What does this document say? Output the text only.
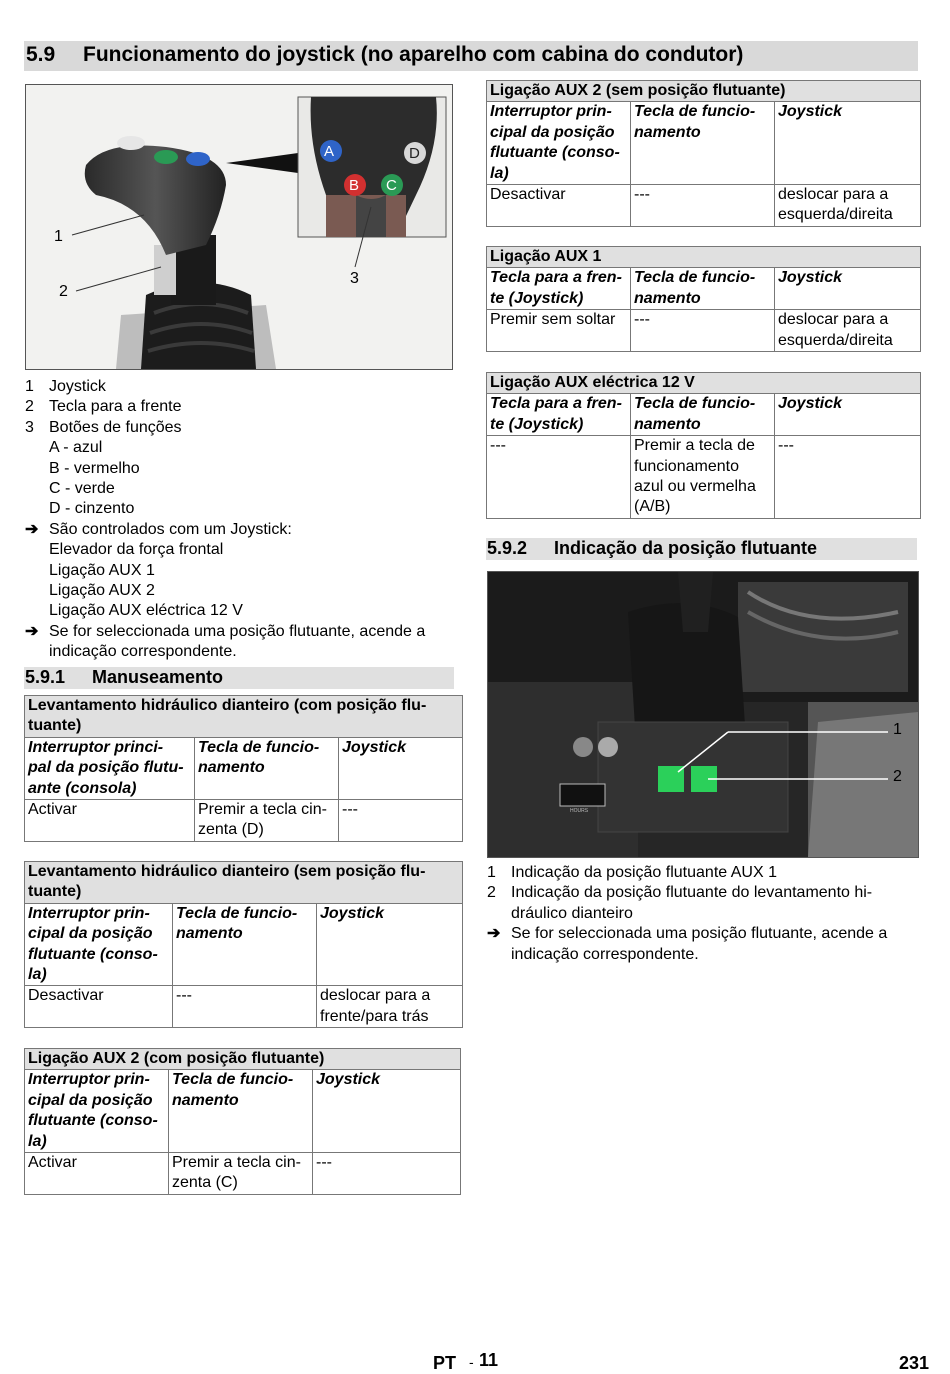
5.9 Funcionamento do joystick (no aparelho com cabina do condutor)
A	D
B C
1
2
3
1 Joystick
2 Tecla para a frente
3 Botões de funções
A - azul
B - vermelho
C - verde
D - cinzento
➔ São controlados com um Joystick:
Elevador da força frontal
Ligação AUX 1
Ligação AUX 2
Ligação AUX eléctrica 12 V
➔ Se for seleccionada uma posição flutuante, acende a
indicação correspondente.
5.9.1 Manuseamento
Levantamento hidráulico dianteiro (com posição flu-
tuante)		
Interruptor princi-
pal da posição flutu-
ante (consola)	Tecla de funcio-
namento	Joystick
Activar	Premir a tecla cin-
zenta (D)	---
Levantamento hidráulico dianteiro (sem posição flu-
tuante)		
Interruptor prin-
cipal da posição
flutuante (conso-
la)	Tecla de funcio-
namento	Joystick
Desactivar	---	deslocar para a
frente/para trás
Ligação AUX 2 (com posição flutuante)		
Interruptor prin-
cipal da posição
flutuante (conso-
la)	Tecla de funcio-
namento	Joystick
Activar	Premir a tecla cin-
zenta (C)	---
Ligação AUX 2 (sem posição flutuante)		
Interruptor prin-
cipal da posição
flutuante (conso-
la)	Tecla de funcio-
namento	Joystick
Desactivar	---	deslocar para a
esquerda/direita
Ligação AUX 1		
Tecla para a fren-
te (Joystick)	Tecla de funcio-
namento	Joystick
Premir sem soltar	---	deslocar para a
esquerda/direita
Ligação AUX eléctrica 12 V		
Tecla para a fren-
te (Joystick)	Tecla de funcio-
namento	Joystick
---	Premir a tecla de
funcionamento
azul ou vermelha
(A/B)	---
5.9.2 Indicação da posição flutuante
HOURS
1
2
1 Indicação da posição flutuante AUX 1
2 Indicação da posição flutuante do levantamento hi-
dráulico dianteiro
➔ Se for seleccionada uma posição flutuante, acende a
indicação correspondente.
PT - 11	231
